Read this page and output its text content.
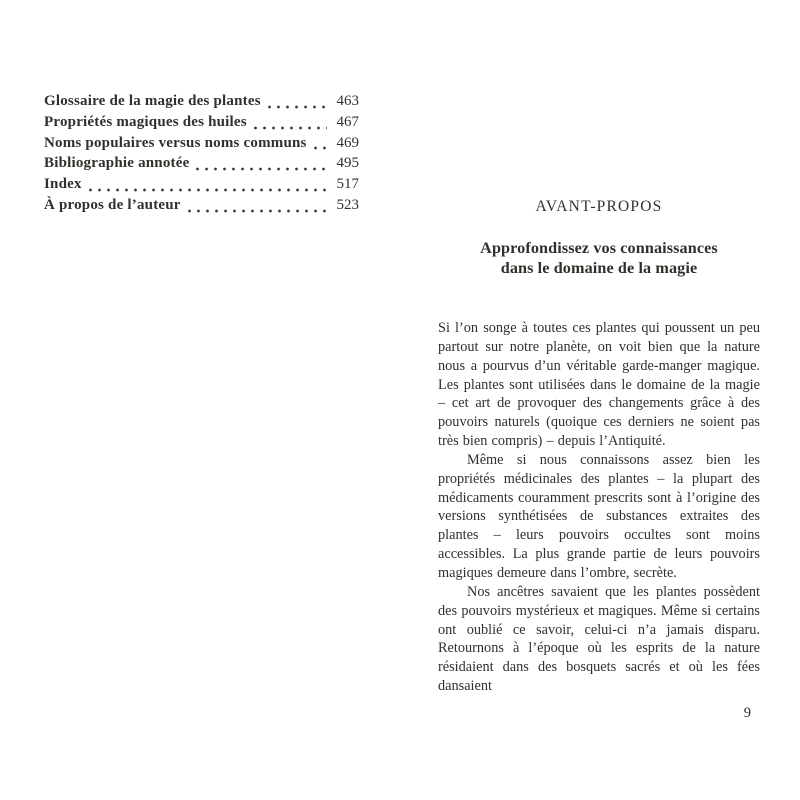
Glossaire de la magie des plantes	463
Propriétés magiques des huiles	467
Noms populaires versus noms communs	469
Bibliographie annotée	495
Index	517
À propos de l’auteur	523	AVANT-PROPOS
Approfondissez vos connaissances
dans le domaine de la magie

Si l’on songe à toutes ces plantes qui poussent un peu partout sur notre planète, on voit bien que la nature nous a pourvus d’un véritable garde-manger magique. Les plantes sont utilisées dans le domaine de la magie – cet art de provoquer des changements grâce à des pouvoirs naturels (quoique ces derniers ne soient pas très bien compris) – depuis l’Antiquité.

Même si nous connaissons assez bien les propriétés médicinales des plantes – la plupart des médicaments couramment prescrits sont à l’origine des versions synthétisées de substances extraites des plantes – leurs pouvoirs occultes sont moins accessibles. La plus grande partie de leurs pouvoirs magiques demeure dans l’ombre, secrète.

Nos ancêtres savaient que les plantes possèdent des pouvoirs mystérieux et magiques. Même si certains ont oublié ce savoir, celui-ci n’a jamais disparu. Retournons à l’époque où les esprits de la nature résidaient dans des bosquets sacrés et où les fées dansaient

9
